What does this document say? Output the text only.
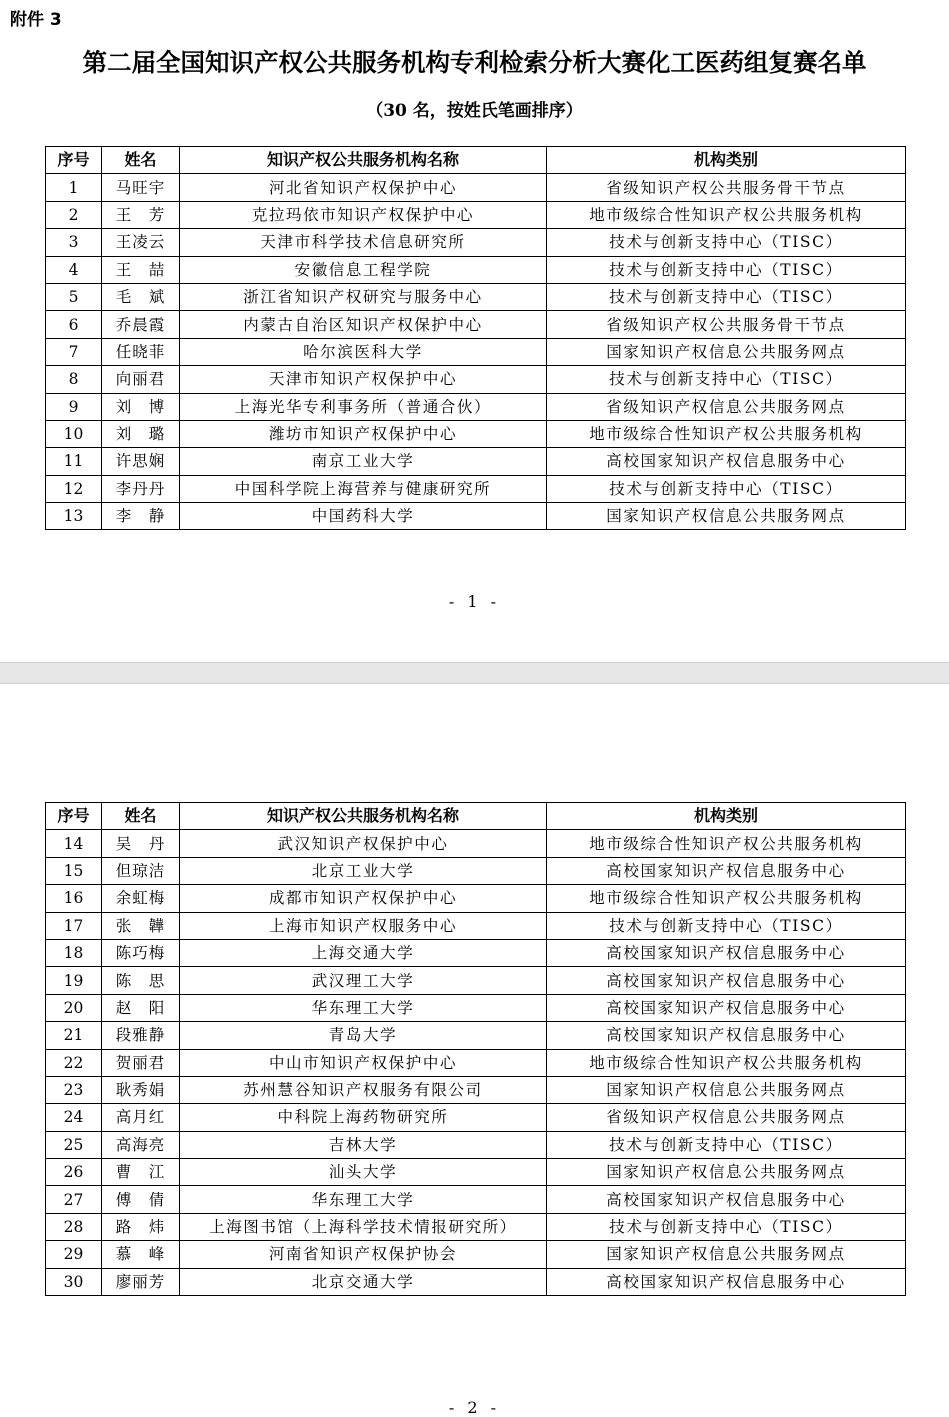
附件 3
第二届全国知识产权公共服务机构专利检索分析大赛化工医药组复赛名单
（30 名，按姓氏笔画排序）
序号	姓名	知识产权公共服务机构名称	机构类别
1	马旺宇	河北省知识产权保护中心	省级知识产权公共服务骨干节点
2	王　芳	克拉玛依市知识产权保护中心	地市级综合性知识产权公共服务机构
3	王凌云	天津市科学技术信息研究所	技术与创新支持中心（TISC）
4	王　喆	安徽信息工程学院	技术与创新支持中心（TISC）
5	毛　斌	浙江省知识产权研究与服务中心	技术与创新支持中心（TISC）
6	乔晨霞	内蒙古自治区知识产权保护中心	省级知识产权公共服务骨干节点
7	任晓菲	哈尔滨医科大学	国家知识产权信息公共服务网点
8	向丽君	天津市知识产权保护中心	技术与创新支持中心（TISC）
9	刘　博	上海光华专利事务所（普通合伙）	省级知识产权信息公共服务网点
10	刘　璐	潍坊市知识产权保护中心	地市级综合性知识产权公共服务机构
11	许思娴	南京工业大学	高校国家知识产权信息服务中心
12	李丹丹	中国科学院上海营养与健康研究所	技术与创新支持中心（TISC）
13	李　静	中国药科大学	国家知识产权信息公共服务网点
- 1 -
序号	姓名	知识产权公共服务机构名称	机构类别
14	吴　丹	武汉知识产权保护中心	地市级综合性知识产权公共服务机构
15	但琼洁	北京工业大学	高校国家知识产权信息服务中心
16	余虹梅	成都市知识产权保护中心	地市级综合性知识产权公共服务机构
17	张　韡	上海市知识产权服务中心	技术与创新支持中心（TISC）
18	陈巧梅	上海交通大学	高校国家知识产权信息服务中心
19	陈　思	武汉理工大学	高校国家知识产权信息服务中心
20	赵　阳	华东理工大学	高校国家知识产权信息服务中心
21	段雅静	青岛大学	高校国家知识产权信息服务中心
22	贺丽君	中山市知识产权保护中心	地市级综合性知识产权公共服务机构
23	耿秀娟	苏州慧谷知识产权服务有限公司	国家知识产权信息公共服务网点
24	高月红	中科院上海药物研究所	省级知识产权信息公共服务网点
25	高海亮	吉林大学	技术与创新支持中心（TISC）
26	曹　江	汕头大学	国家知识产权信息公共服务网点
27	傅　倩	华东理工大学	高校国家知识产权信息服务中心
28	路　炜	上海图书馆（上海科学技术情报研究所）	技术与创新支持中心（TISC）
29	慕　峰	河南省知识产权保护协会	国家知识产权信息公共服务网点
30	廖丽芳	北京交通大学	高校国家知识产权信息服务中心
- 2 -
